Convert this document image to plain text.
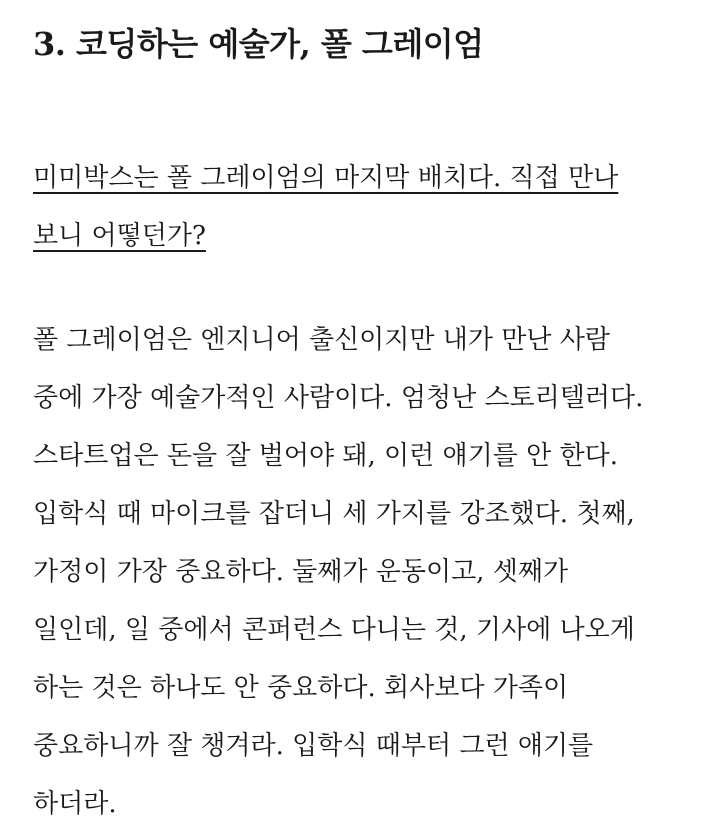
3. 코딩하는 예술가, 폴 그레이엄

미미박스는 폴 그레이엄의 마지막 배치다. 직접 만나
보니 어떻던가?

폴 그레이엄은 엔지니어 출신이지만 내가 만난 사람
중에 가장 예술가적인 사람이다. 엄청난 스토리텔러다.
스타트업은 돈을 잘 벌어야 돼, 이런 얘기를 안 한다.
입학식 때 마이크를 잡더니 세 가지를 강조했다. 첫째,
가정이 가장 중요하다. 둘째가 운동이고, 셋째가
일인데, 일 중에서 콘퍼런스 다니는 것, 기사에 나오게
하는 것은 하나도 안 중요하다. 회사보다 가족이
중요하니까 잘 챙겨라. 입학식 때부터 그런 얘기를
하더라.
